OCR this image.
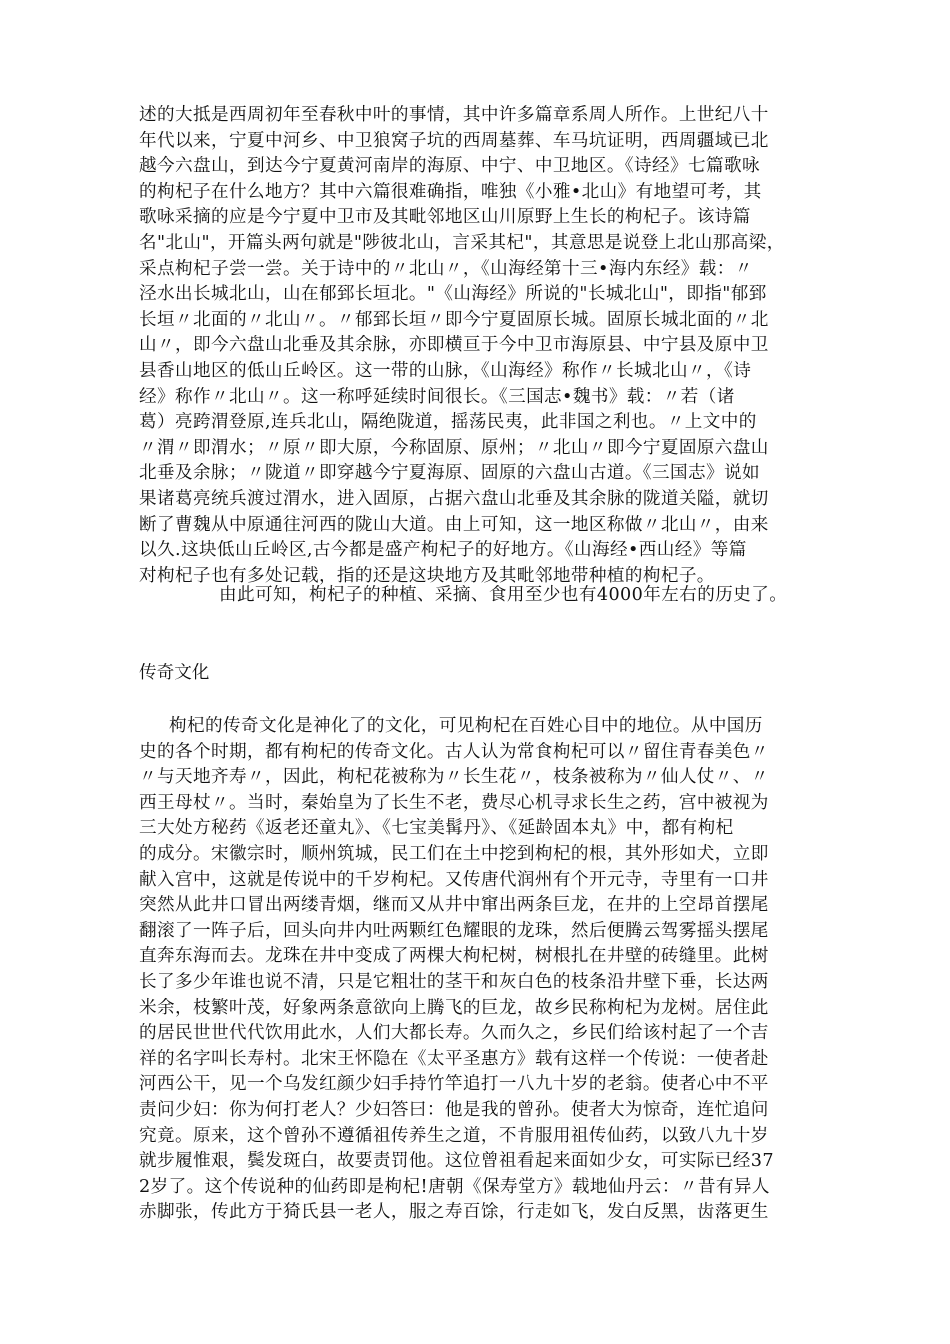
述的大抵是西周初年至春秋中叶的事情，其中许多篇章系周人所作。上世纪八十
年代以来，宁夏中河乡、中卫狼窝子坑的西周墓葬、车马坑证明，西周疆域已北
越今六盘山，到达今宁夏黄河南岸的海原、中宁、中卫地区。《诗经》七篇歌咏
的枸杞子在什么地方？其中六篇很难确指，唯独《小雅•北山》有地望可考，其
歌咏采摘的应是今宁夏中卫市及其毗邻地区山川原野上生长的枸杞子。该诗篇
名"北山"，开篇头两句就是"陟彼北山，言采其杞"，其意思是说登上北山那高梁，
采点枸杞子尝一尝。关于诗中的〃北山〃，《山海经第十三•海内东经》载：〃
泾水出长城北山，山在郁郅长垣北。"《山海经》所说的"长城北山"，即指"郁郅
长垣〃北面的〃北山〃。〃郁郅长垣〃即今宁夏固原长城。固原长城北面的〃北
山〃，即今六盘山北垂及其余脉，亦即横亘于今中卫市海原县、中宁县及原中卫
县香山地区的低山丘岭区。这一带的山脉，《山海经》称作〃长城北山〃，《诗
经》称作〃北山〃。这一称呼延续时间很长。《三国志•魏书》载：〃若（诸
葛）亮跨渭登原,连兵北山，隔绝陇道，摇荡民夷，此非国之利也。〃上文中的
〃渭〃即渭水；〃原〃即大原，今称固原、原州；〃北山〃即今宁夏固原六盘山
北垂及余脉；〃陇道〃即穿越今宁夏海原、固原的六盘山古道。《三国志》说如
果诸葛亮统兵渡过渭水，进入固原，占据六盘山北垂及其余脉的陇道关隘，就切
断了曹魏从中原通往河西的陇山大道。由上可知，这一地区称做〃北山〃，由来
以久.这块低山丘岭区,古今都是盛产枸杞子的好地方。《山海经•西山经》等篇
对枸杞子也有多处记载，指的还是这块地方及其毗邻地带种植的枸杞子。
由此可知，枸杞子的种植、采摘、食用至少也有4000年左右的历史了。
传奇文化
枸杞的传奇文化是神化了的文化，可见枸杞在百姓心目中的地位。从中国历
史的各个时期，都有枸杞的传奇文化。古人认为常食枸杞可以〃留住青春美色〃
〃与天地齐寿〃，因此，枸杞花被称为〃长生花〃，枝条被称为〃仙人仗〃、〃
西王母杖〃。当时，秦始皇为了长生不老，费尽心机寻求长生之药，宫中被视为
三大处方秘药《返老还童丸》、《七宝美髯丹》、《延龄固本丸》中，都有枸杞
的成分。宋徽宗时，顺州筑城，民工们在土中挖到枸杞的根，其外形如犬，立即
献入宫中，这就是传说中的千岁枸杞。又传唐代润州有个开元寺，寺里有一口井
突然从此井口冒出两缕青烟，继而又从井中窜出两条巨龙，在井的上空昂首摆尾
翻滚了一阵子后，回头向井内吐两颗红色耀眼的龙珠，然后便腾云驾雾摇头摆尾
直奔东海而去。龙珠在井中变成了两棵大枸杞树，树根扎在井壁的砖缝里。此树
长了多少年谁也说不清，只是它粗壮的茎干和灰白色的枝条沿井壁下垂，长达两
米余，枝繁叶茂，好象两条意欲向上腾飞的巨龙，故乡民称枸杞为龙树。居住此
的居民世世代代饮用此水，人们大都长寿。久而久之，乡民们给该村起了一个吉
祥的名字叫长寿村。北宋王怀隐在《太平圣惠方》载有这样一个传说：一使者赴
河西公干，见一个乌发红颜少妇手持竹竿追打一八九十岁的老翁。使者心中不平
责问少妇：你为何打老人？少妇答曰：他是我的曾孙。使者大为惊奇，连忙追问
究竟。原来，这个曾孙不遵循祖传养生之道，不肯服用祖传仙药，以致八九十岁
就步履惟艰，鬓发斑白，故要责罚他。这位曾祖看起来面如少女，可实际已经37
2岁了。这个传说种的仙药即是枸杞!唐朝《保寿堂方》载地仙丹云：〃昔有异人
赤脚张，传此方于猗氏县一老人，服之寿百馀，行走如飞，发白反黑，齿落更生
